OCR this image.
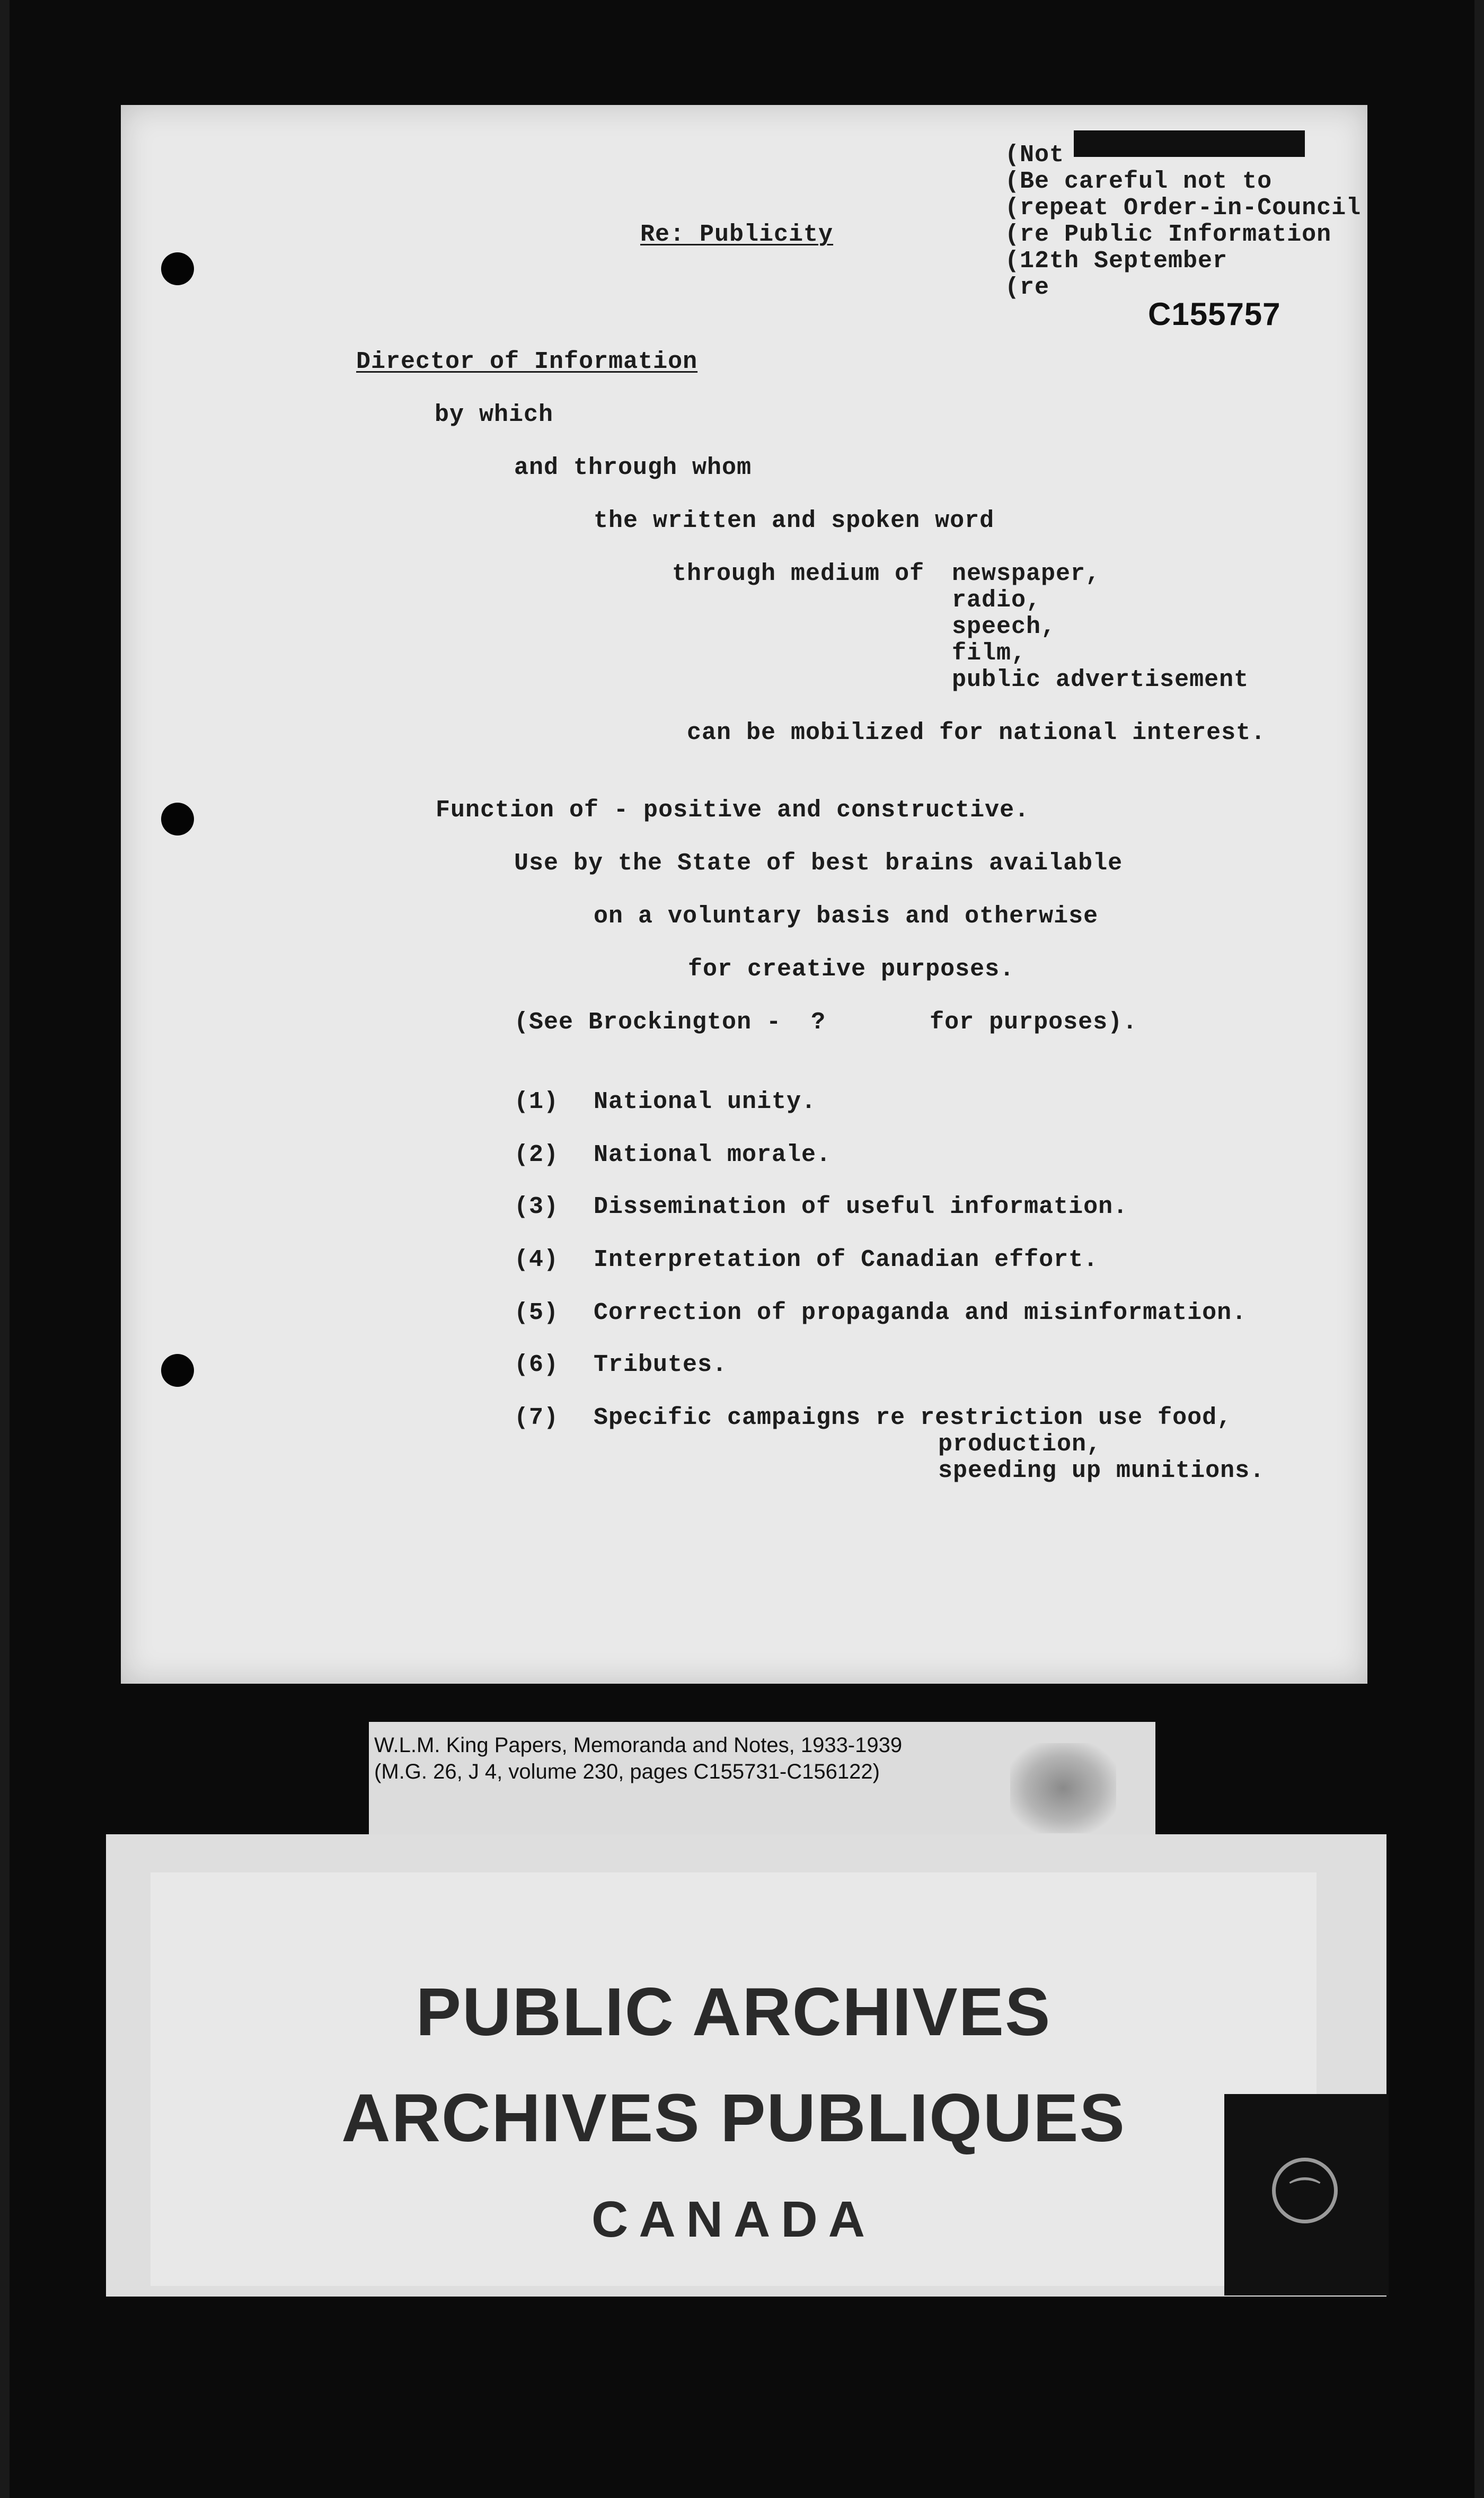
(Not

(Be careful not to

(repeat Order-in-Council

(re Public Information

(12th September

(re

C155757

Re: Publicity

Director of Information

by which

and through whom

the written and spoken word

through medium of newspaper,

radio,

speech,

film,

public advertisement

can be mobilized for national interest.

Function of - positive and constructive.

Use by the State of best brains available

on a voluntary basis and otherwise

for creative purposes.

(See Brockington -  ?       for purposes).

(1) National unity.

(2) National morale.

(3) Dissemination of useful information.

(4) Interpretation of Canadian effort.

(5) Correction of propaganda and misinformation.

(6) Tributes.

(7) Specific campaigns re restriction use food,

production,

speeding up munitions.

W.L.M. King Papers, Memoranda and Notes, 1933-1939

(M.G. 26, J 4, volume 230, pages C155731-C156122)

PUBLIC ARCHIVES

ARCHIVES PUBLIQUES

CANADA	⌒
